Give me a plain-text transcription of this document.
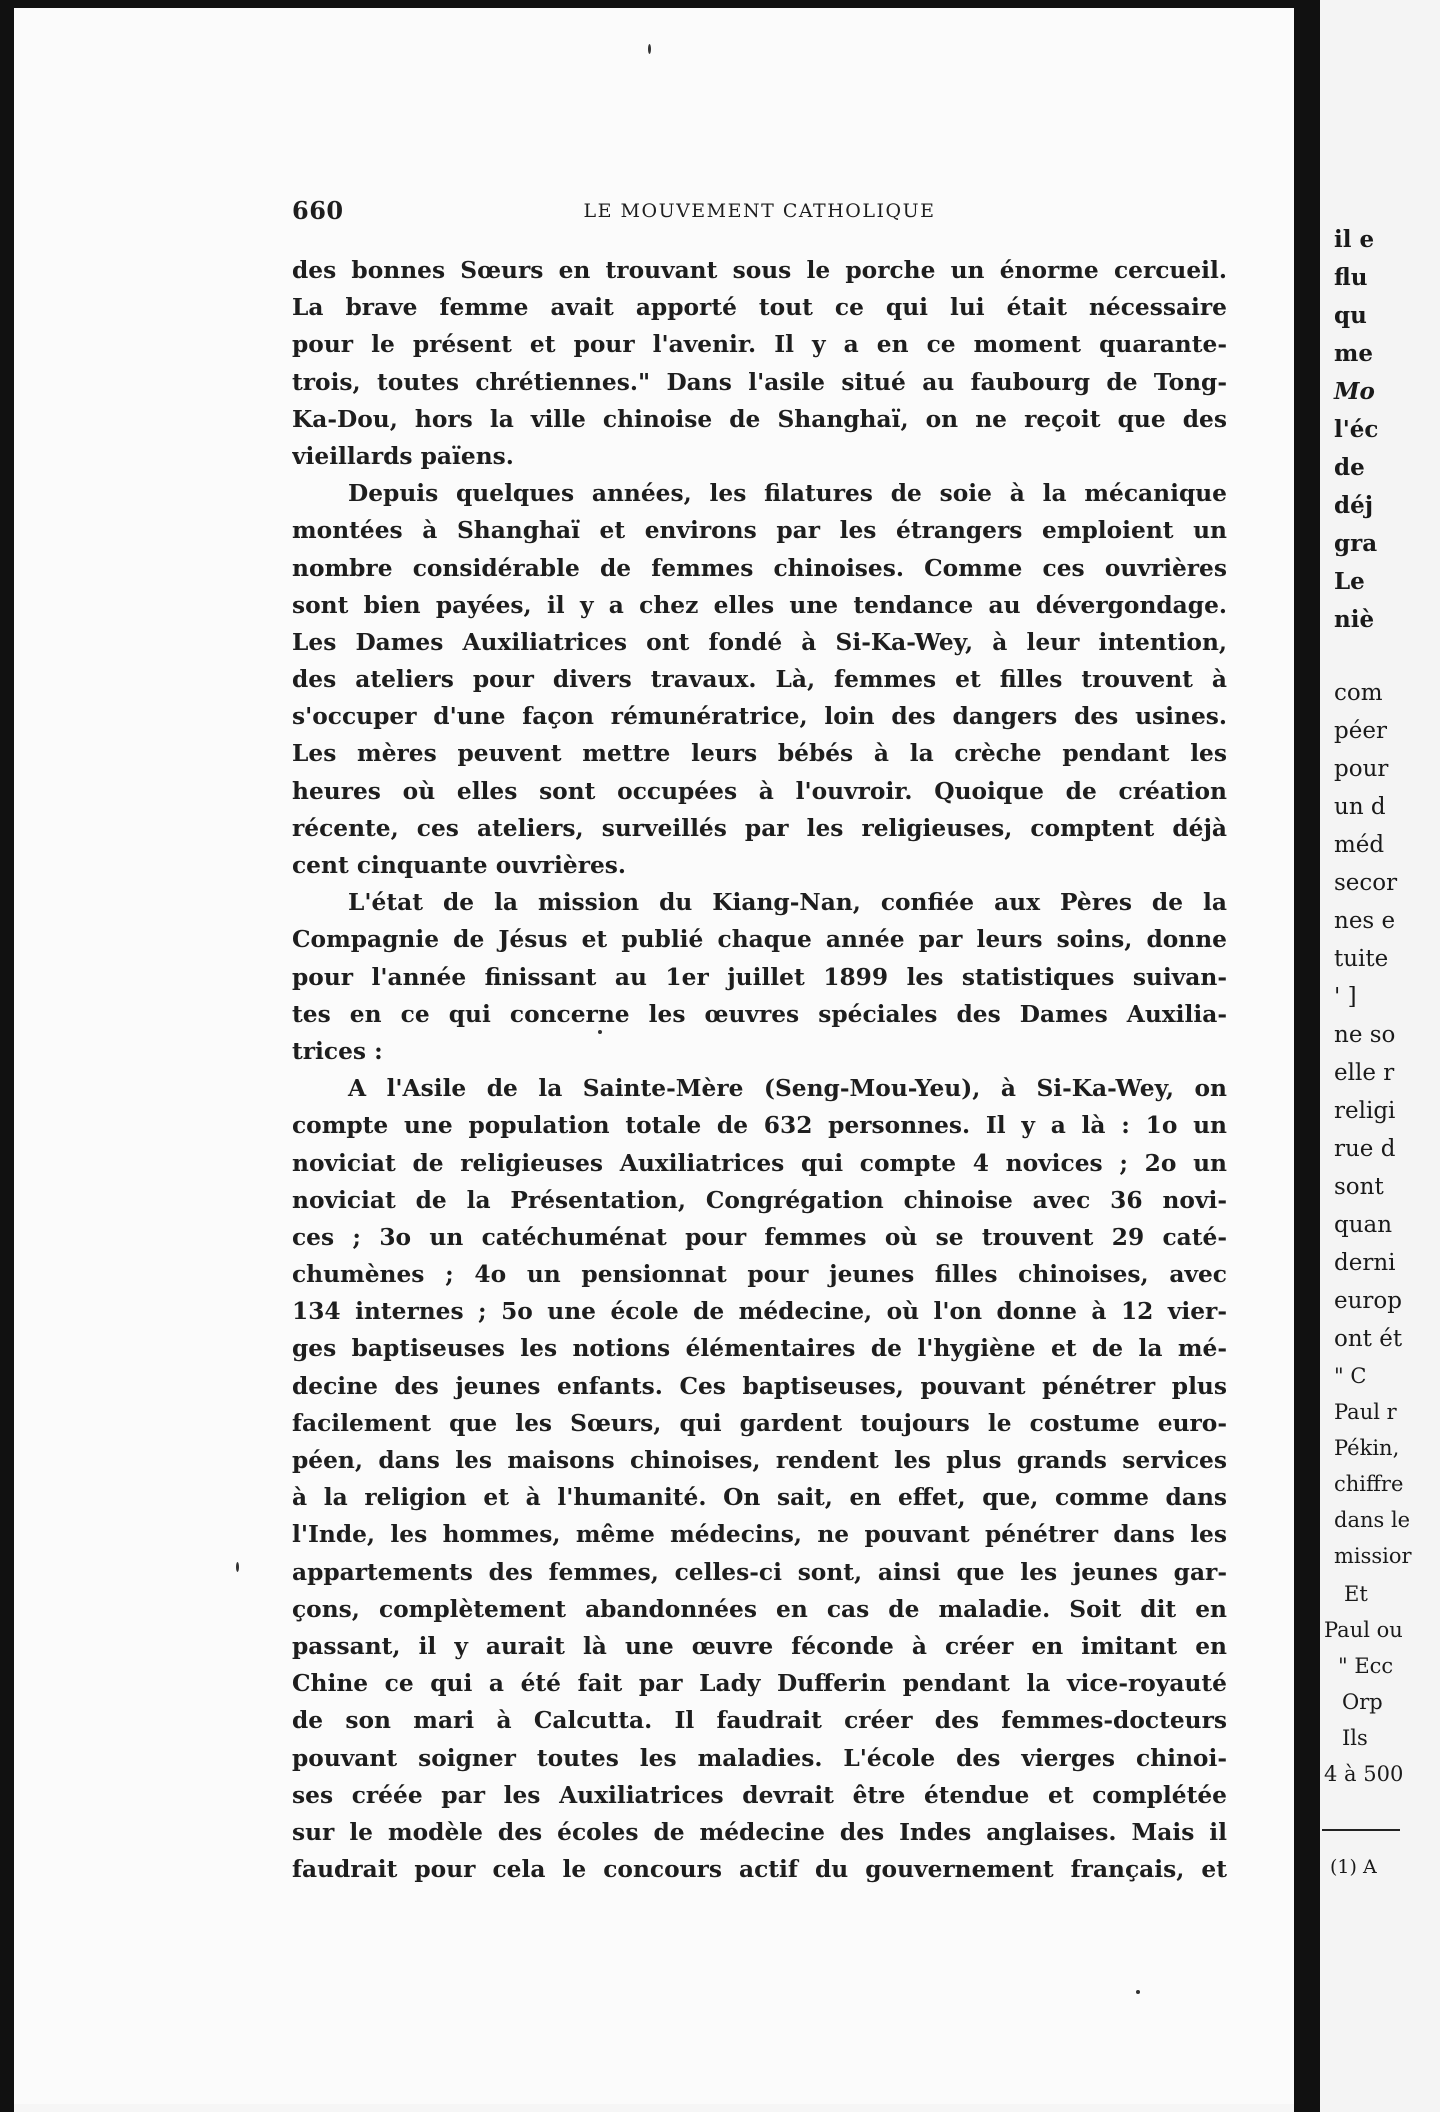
660	LE MOUVEMENT CATHOLIQUE
des bonnes Sœurs en trouvant sous le porche un énorme cercueil.
La brave femme avait apporté tout ce qui lui était nécessaire
pour le présent et pour l'avenir. Il y a en ce moment quarante-
trois, toutes chrétiennes." Dans l'asile situé au faubourg de Tong-
Ka-Dou, hors la ville chinoise de Shanghaï, on ne reçoit que des
vieillards païens.
Depuis quelques années, les filatures de soie à la mécanique
montées à Shanghaï et environs par les étrangers emploient un
nombre considérable de femmes chinoises. Comme ces ouvrières
sont bien payées, il y a chez elles une tendance au dévergondage.
Les Dames Auxiliatrices ont fondé à Si-Ka-Wey, à leur intention,
des ateliers pour divers travaux. Là, femmes et filles trouvent à
s'occuper d'une façon rémunératrice, loin des dangers des usines.
Les mères peuvent mettre leurs bébés à la crèche pendant les
heures où elles sont occupées à l'ouvroir. Quoique de création
récente, ces ateliers, surveillés par les religieuses, comptent déjà
cent cinquante ouvrières.
L'état de la mission du Kiang-Nan, confiée aux Pères de la
Compagnie de Jésus et publié chaque année par leurs soins, donne
pour l'année finissant au 1er juillet 1899 les statistiques suivan-
tes en ce qui concerne les œuvres spéciales des Dames Auxilia-
trices :
A l'Asile de la Sainte-Mère (Seng-Mou-Yeu), à Si-Ka-Wey, on
compte une population totale de 632 personnes. Il y a là : 1o un
noviciat de religieuses Auxiliatrices qui compte 4 novices ; 2o un
noviciat de la Présentation, Congrégation chinoise avec 36 novi-
ces ; 3o un catéchuménat pour femmes où se trouvent 29 caté-
chumènes ; 4o un pensionnat pour jeunes filles chinoises, avec
134 internes ; 5o une école de médecine, où l'on donne à 12 vier-
ges baptiseuses les notions élémentaires de l'hygiène et de la mé-
decine des jeunes enfants. Ces baptiseuses, pouvant pénétrer plus
facilement que les Sœurs, qui gardent toujours le costume euro-
péen, dans les maisons chinoises, rendent les plus grands services
à la religion et à l'humanité. On sait, en effet, que, comme dans
l'Inde, les hommes, même médecins, ne pouvant pénétrer dans les
appartements des femmes, celles-ci sont, ainsi que les jeunes gar-
çons, complètement abandonnées en cas de maladie. Soit dit en
passant, il y aurait là une œuvre féconde à créer en imitant en
Chine ce qui a été fait par Lady Dufferin pendant la vice-royauté
de son mari à Calcutta. Il faudrait créer des femmes-docteurs
pouvant soigner toutes les maladies. L'école des vierges chinoi-
ses créée par les Auxiliatrices devrait être étendue et complétée
sur le modèle des écoles de médecine des Indes anglaises. Mais il
faudrait pour cela le concours actif du gouvernement français, et
il e
flu
qu
me
Mo
l'éc
de
déj
gra
Le
niè
com
péer
pour
un d
méd
secor
nes e
tuite
' ]
ne so
elle r
religi
rue d
sont
quan
derni
europ
ont ét
" C
Paul r
Pékin,
chiffre
dans le
missior
Et
Paul ou
" Ecc
Orp
Ils
4 à 500
(1) A
